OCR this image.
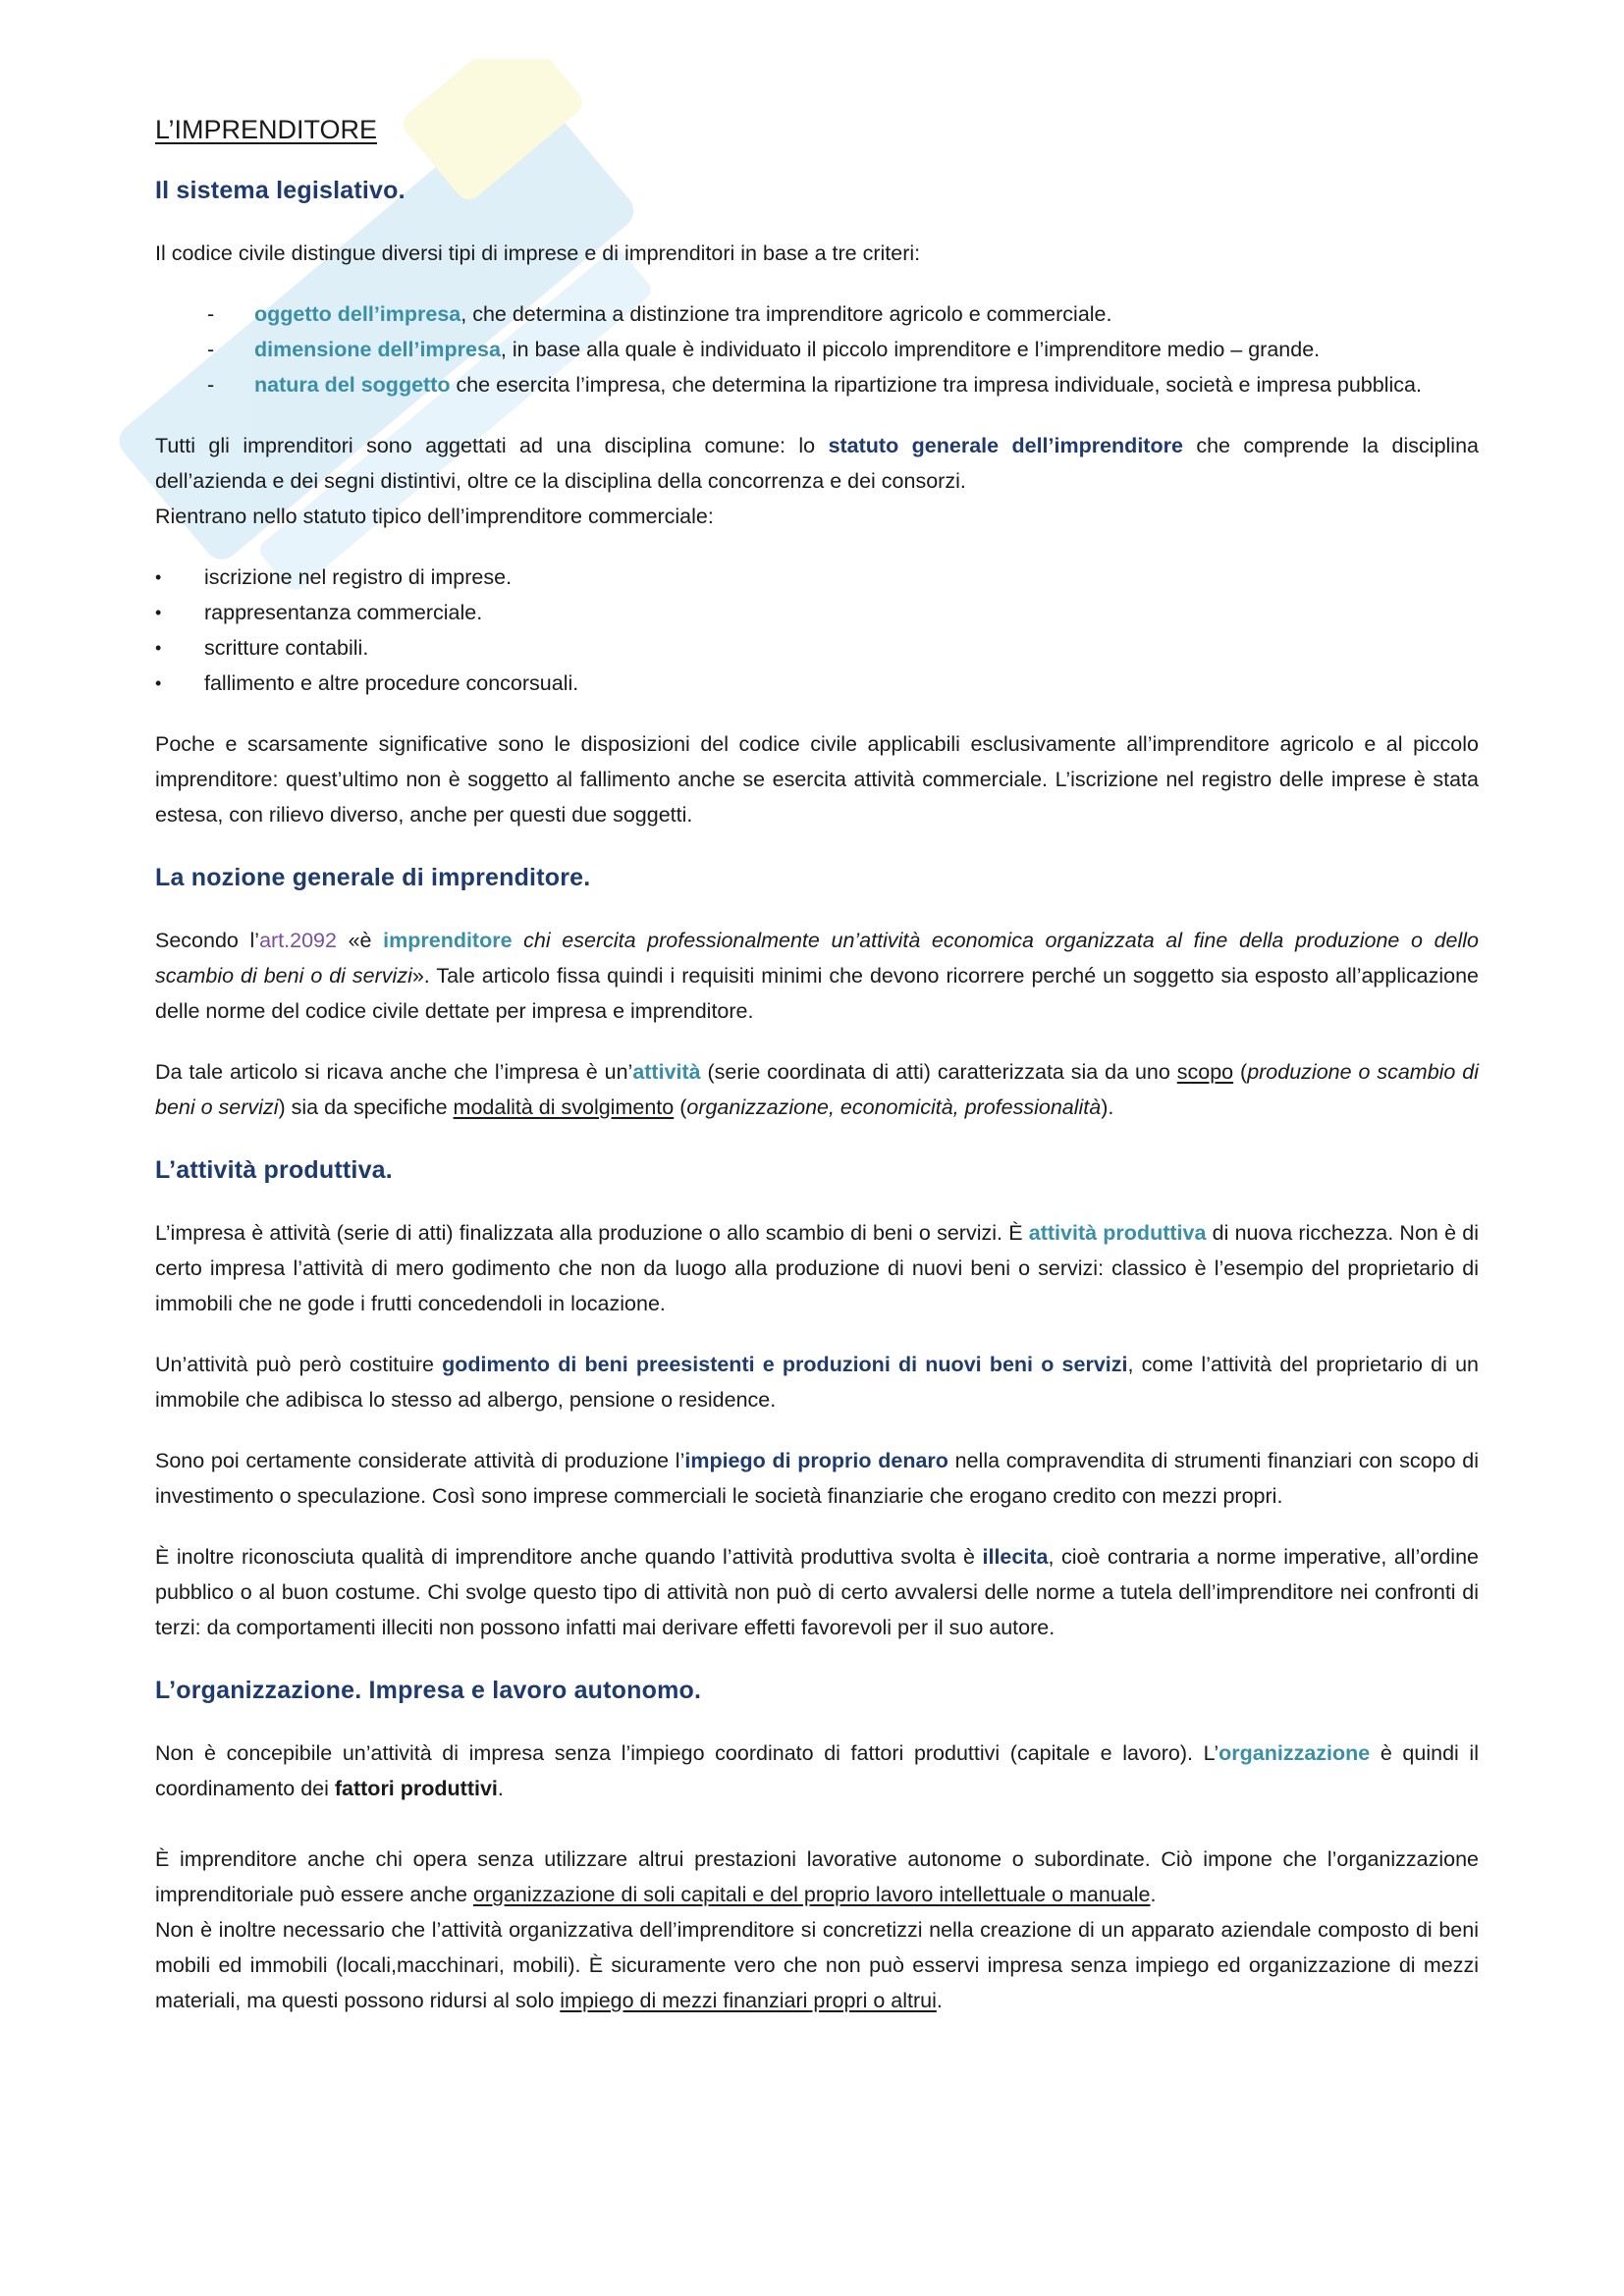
L’IMPRENDITORE
Il sistema legislativo.

Il codice civile distingue diversi tipi di imprese e di imprenditori in base a tre criteri:

- oggetto dell’impresa, che determina a distinzione tra imprenditore agricolo e commerciale.
- dimensione dell’impresa, in base alla quale è individuato il piccolo imprenditore e l’imprenditore medio – grande.
- natura del soggetto che esercita l’impresa, che determina la ripartizione tra impresa individuale, società e impresa pubblica.

Tutti gli imprenditori sono aggettati ad una disciplina comune: lo statuto generale dell’imprenditore che comprende la disciplina dell’azienda e dei segni distintivi, oltre ce la disciplina della concorrenza e dei consorzi.

Rientrano nello statuto tipico dell’imprenditore commerciale:

• iscrizione nel registro di imprese.
• rappresentanza commerciale.
• scritture contabili.
• fallimento e altre procedure concorsuali.

Poche e scarsamente significative sono le disposizioni del codice civile applicabili esclusivamente all’imprenditore agricolo e al piccolo imprenditore: quest’ultimo non è soggetto al fallimento anche se esercita attività commerciale. L’iscrizione nel registro delle imprese è stata estesa, con rilievo diverso, anche per questi due soggetti.

La nozione generale di imprenditore.

Secondo l’art.2092 «è imprenditore chi esercita professionalmente un’attività economica organizzata al fine della produzione o dello scambio di beni o di servizi». Tale articolo fissa quindi i requisiti minimi che devono ricorrere perché un soggetto sia esposto all’applicazione delle norme del codice civile dettate per impresa e imprenditore.

Da tale articolo si ricava anche che l’impresa è un’attività (serie coordinata di atti) caratterizzata sia da uno scopo (produzione o scambio di beni o servizi) sia da specifiche modalità di svolgimento (organizzazione, economicità, professionalità).

L’attività produttiva.

L’impresa è attività (serie di atti) finalizzata alla produzione o allo scambio di beni o servizi. È attività produttiva di nuova ricchezza. Non è di certo impresa l’attività di mero godimento che non da luogo alla produzione di nuovi beni o servizi: classico è l’esempio del proprietario di immobili che ne gode i frutti concedendoli in locazione.

Un’attività può però costituire godimento di beni preesistenti e produzioni di nuovi beni o servizi, come l’attività del proprietario di un immobile che adibisca lo stesso ad albergo, pensione o residence.

Sono poi certamente considerate attività di produzione l’impiego di proprio denaro nella compravendita di strumenti finanziari con scopo di investimento o speculazione. Così sono imprese commerciali le società finanziarie che erogano credito con mezzi propri.

È inoltre riconosciuta qualità di imprenditore anche quando l’attività produttiva svolta è illecita, cioè contraria a norme imperative, all’ordine pubblico o al buon costume. Chi svolge questo tipo di attività non può di certo avvalersi delle norme a tutela dell’imprenditore nei confronti di terzi: da comportamenti illeciti non possono infatti mai derivare effetti favorevoli per il suo autore.

L’organizzazione. Impresa e lavoro autonomo.

Non è concepibile un’attività di impresa senza l’impiego coordinato di fattori produttivi (capitale e lavoro). L’organizzazione è quindi il coordinamento dei fattori produttivi.

È imprenditore anche chi opera senza utilizzare altrui prestazioni lavorative autonome o subordinate. Ciò impone che l’organizzazione imprenditoriale può essere anche organizzazione di soli capitali e del proprio lavoro intellettuale o manuale.

Non è inoltre necessario che l’attività organizzativa dell’imprenditore si concretizzi nella creazione di un apparato aziendale composto di beni mobili ed immobili (locali,macchinari, mobili). È sicuramente vero che non può esservi impresa senza impiego ed organizzazione di mezzi materiali, ma questi possono ridursi al solo impiego di mezzi finanziari propri o altrui.
